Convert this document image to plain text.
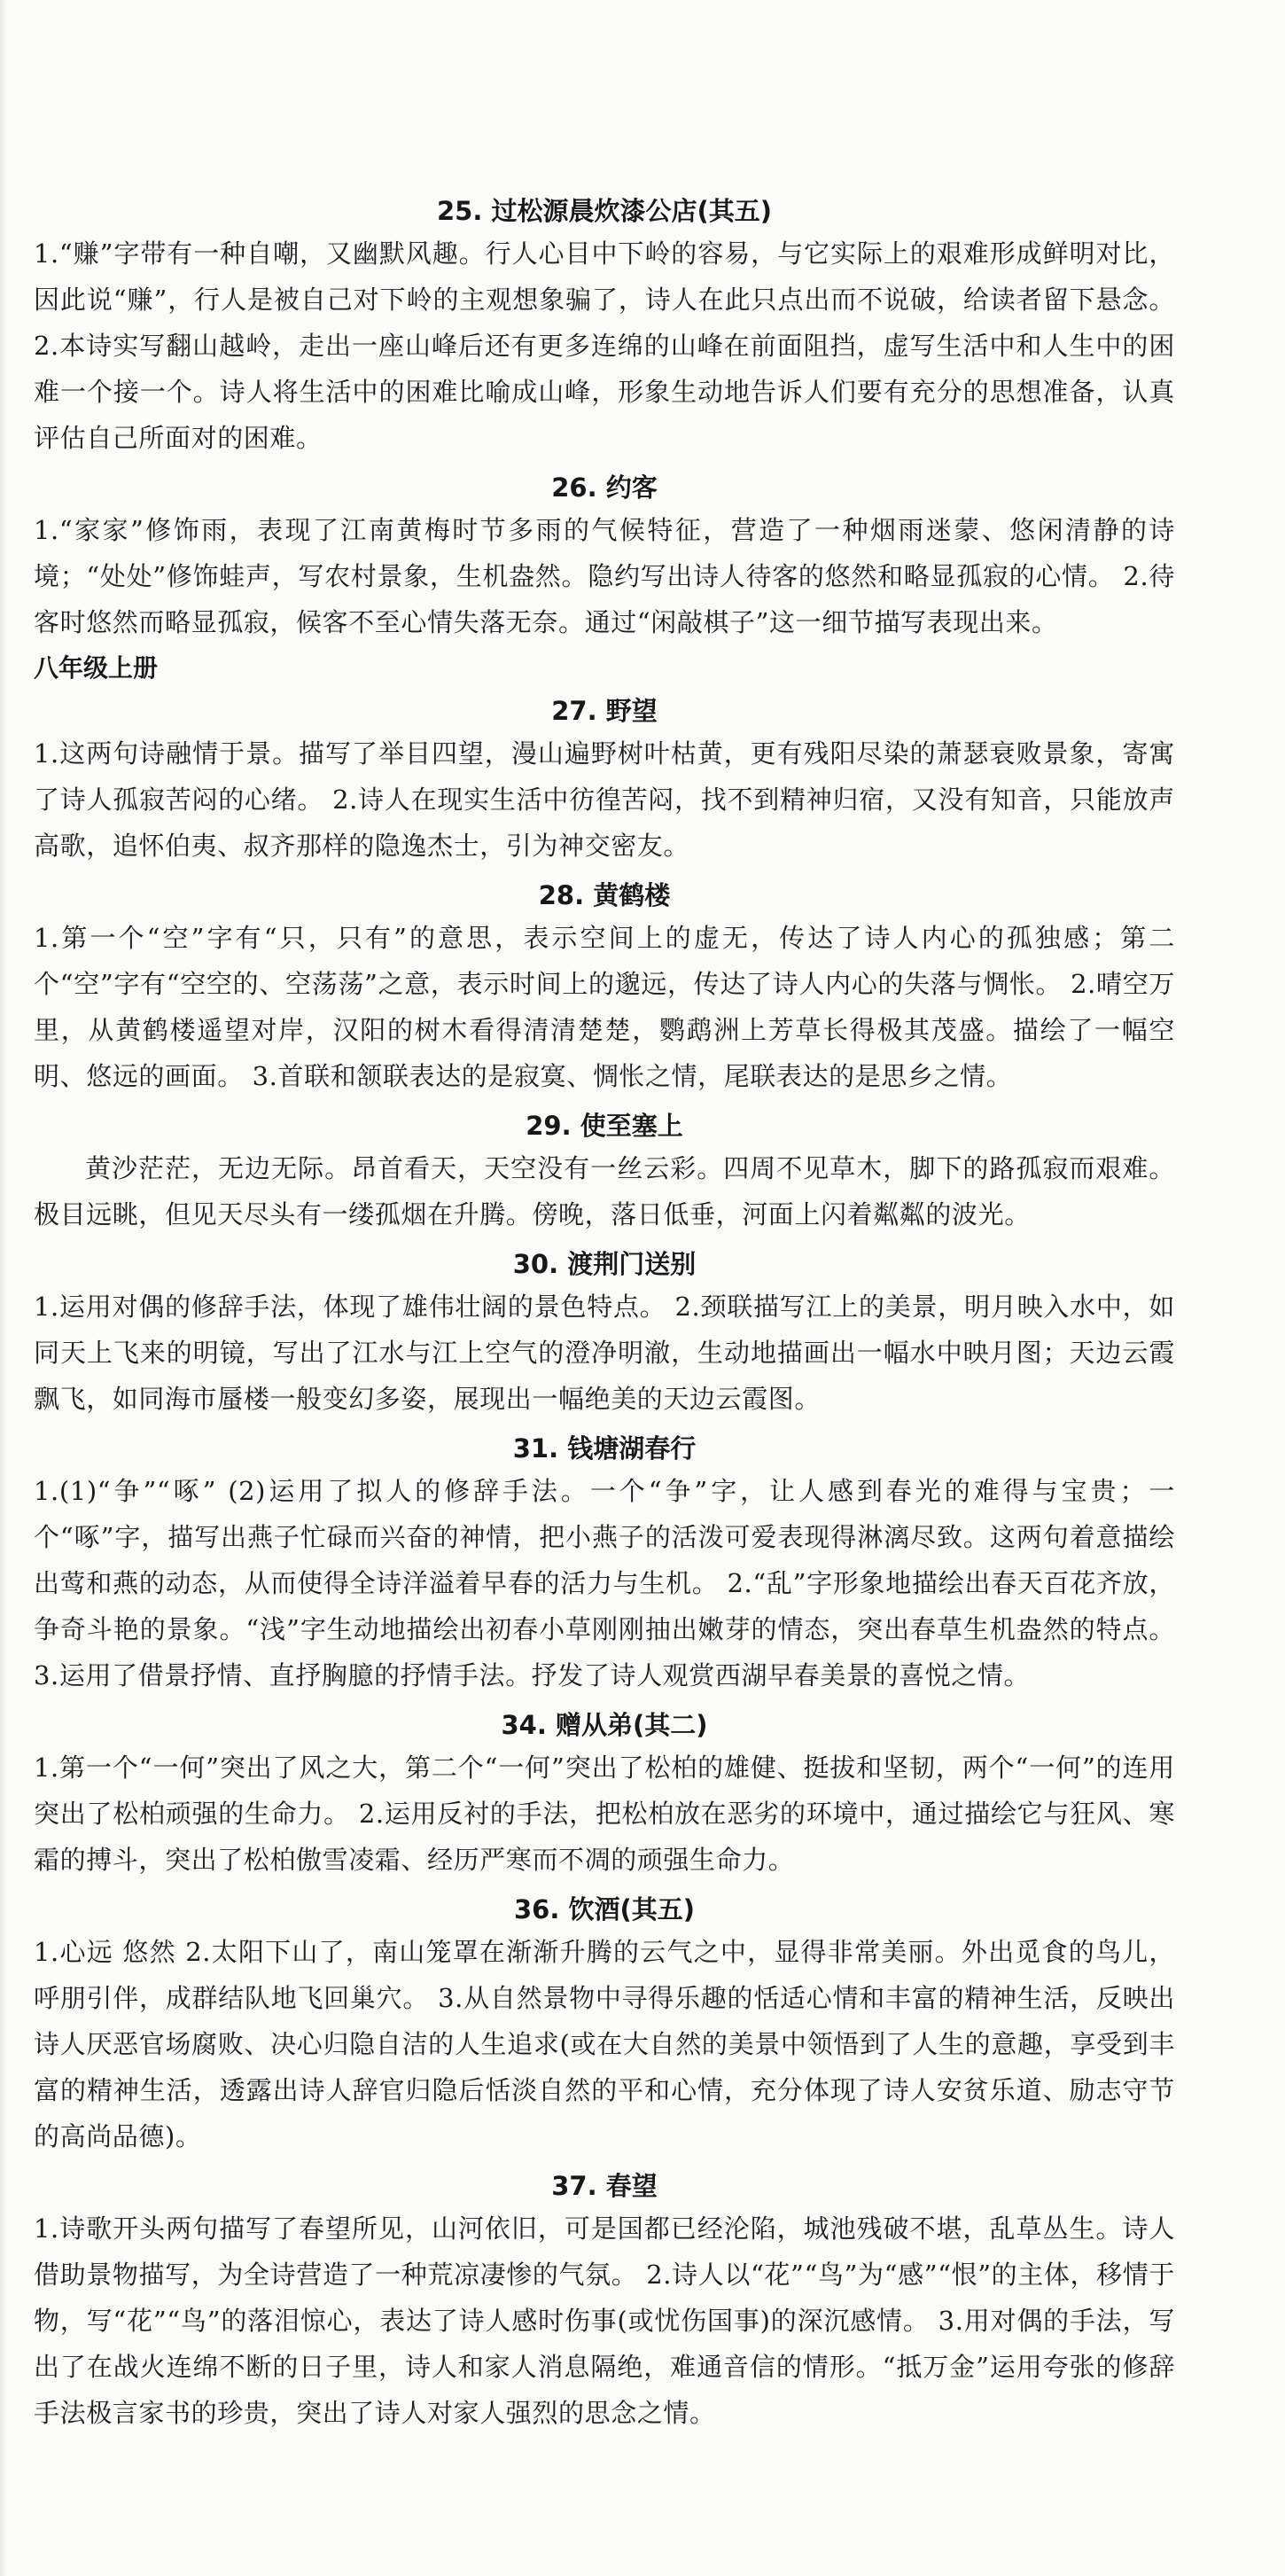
25. 过松源晨炊漆公店(其五)

1.“赚”字带有一种自嘲，又幽默风趣。行人心目中下岭的容易，与它实际上的艰难形成鲜明对比，因此说“赚”，行人是被自己对下岭的主观想象骗了，诗人在此只点出而不说破，给读者留下悬念。 2.本诗实写翻山越岭，走出一座山峰后还有更多连绵的山峰在前面阻挡，虚写生活中和人生中的困难一个接一个。诗人将生活中的困难比喻成山峰，形象生动地告诉人们要有充分的思想准备，认真评估自己所面对的困难。

26. 约客

1.“家家”修饰雨，表现了江南黄梅时节多雨的气候特征，营造了一种烟雨迷蒙、悠闲清静的诗境；“处处”修饰蛙声，写农村景象，生机盎然。隐约写出诗人待客的悠然和略显孤寂的心情。 2.待客时悠然而略显孤寂，候客不至心情失落无奈。通过“闲敲棋子”这一细节描写表现出来。

八年级上册
27. 野望

1.这两句诗融情于景。描写了举目四望，漫山遍野树叶枯黄，更有残阳尽染的萧瑟衰败景象，寄寓了诗人孤寂苦闷的心绪。 2.诗人在现实生活中彷徨苦闷，找不到精神归宿，又没有知音，只能放声高歌，追怀伯夷、叔齐那样的隐逸杰士，引为神交密友。

28. 黄鹤楼

1.第一个“空”字有“只，只有”的意思，表示空间上的虚无，传达了诗人内心的孤独感；第二个“空”字有“空空的、空荡荡”之意，表示时间上的邈远，传达了诗人内心的失落与惆怅。 2.晴空万里，从黄鹤楼遥望对岸，汉阳的树木看得清清楚楚，鹦鹉洲上芳草长得极其茂盛。描绘了一幅空明、悠远的画面。 3.首联和颔联表达的是寂寞、惆怅之情，尾联表达的是思乡之情。

29. 使至塞上

黄沙茫茫，无边无际。昂首看天，天空没有一丝云彩。四周不见草木，脚下的路孤寂而艰难。极目远眺，但见天尽头有一缕孤烟在升腾。傍晚，落日低垂，河面上闪着粼粼的波光。

30. 渡荆门送别

1.运用对偶的修辞手法，体现了雄伟壮阔的景色特点。 2.颈联描写江上的美景，明月映入水中，如同天上飞来的明镜，写出了江水与江上空气的澄净明澈，生动地描画出一幅水中映月图；天边云霞飘飞，如同海市蜃楼一般变幻多姿，展现出一幅绝美的天边云霞图。

31. 钱塘湖春行

1.(1)“争”“啄” (2)运用了拟人的修辞手法。一个“争”字，让人感到春光的难得与宝贵；一个“啄”字，描写出燕子忙碌而兴奋的神情，把小燕子的活泼可爱表现得淋漓尽致。这两句着意描绘出莺和燕的动态，从而使得全诗洋溢着早春的活力与生机。 2.“乱”字形象地描绘出春天百花齐放，争奇斗艳的景象。“浅”字生动地描绘出初春小草刚刚抽出嫩芽的情态，突出春草生机盎然的特点。 3.运用了借景抒情、直抒胸臆的抒情手法。抒发了诗人观赏西湖早春美景的喜悦之情。

34. 赠从弟(其二)

1.第一个“一何”突出了风之大，第二个“一何”突出了松柏的雄健、挺拔和坚韧，两个“一何”的连用突出了松柏顽强的生命力。 2.运用反衬的手法，把松柏放在恶劣的环境中，通过描绘它与狂风、寒霜的搏斗，突出了松柏傲雪凌霜、经历严寒而不凋的顽强生命力。

36. 饮酒(其五)

1.心远 悠然 2.太阳下山了，南山笼罩在渐渐升腾的云气之中，显得非常美丽。外出觅食的鸟儿，呼朋引伴，成群结队地飞回巢穴。 3.从自然景物中寻得乐趣的恬适心情和丰富的精神生活，反映出诗人厌恶官场腐败、决心归隐自洁的人生追求(或在大自然的美景中领悟到了人生的意趣，享受到丰富的精神生活，透露出诗人辞官归隐后恬淡自然的平和心情，充分体现了诗人安贫乐道、励志守节的高尚品德)。

37. 春望

1.诗歌开头两句描写了春望所见，山河依旧，可是国都已经沦陷，城池残破不堪，乱草丛生。诗人借助景物描写，为全诗营造了一种荒凉凄惨的气氛。 2.诗人以“花”“鸟”为“感”“恨”的主体，移情于物，写“花”“鸟”的落泪惊心，表达了诗人感时伤事(或忧伤国事)的深沉感情。 3.用对偶的手法，写出了在战火连绵不断的日子里，诗人和家人消息隔绝，难通音信的情形。“抵万金”运用夸张的修辞手法极言家书的珍贵，突出了诗人对家人强烈的思念之情。
